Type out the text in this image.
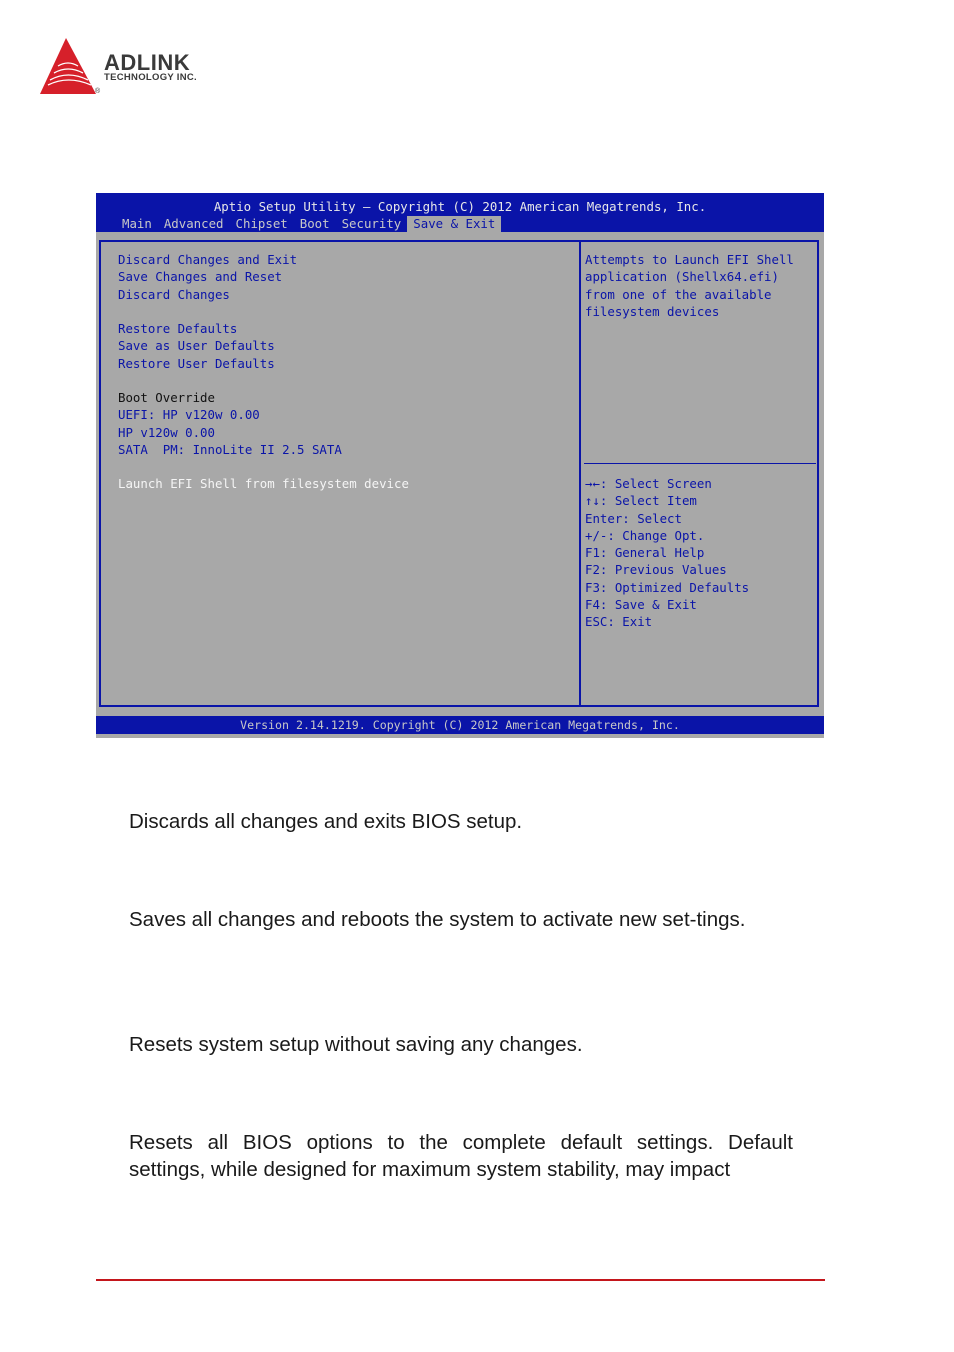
ADLINK
TECHNOLOGY INC.
®
Aptio Setup Utility – Copyright (C) 2012 American Megatrends, Inc.
Main Advanced Chipset Boot Security Save & Exit
Discard Changes and Exit
Save Changes and Reset
Discard Changes
Restore Defaults
Save as User Defaults
Restore User Defaults
Boot Override
UEFI: HP v120w 0.00
HP v120w 0.00
SATA  PM: InnoLite II 2.5 SATA
Launch EFI Shell from filesystem device
Attempts to Launch EFI Shell
application (Shellx64.efi)
from one of the available
filesystem devices
→←: Select Screen
↑↓: Select Item
Enter: Select
+/-: Change Opt.
F1: General Help
F2: Previous Values
F3: Optimized Defaults
F4: Save & Exit
ESC: Exit
Version 2.14.1219. Copyright (C) 2012 American Megatrends, Inc.
Discards all changes and exits BIOS setup.
Saves all changes and reboots the system to activate new set-tings.
Resets system setup without saving any changes.
Resets all BIOS options to the complete default settings. Default settings, while designed for maximum system stability, may impact
